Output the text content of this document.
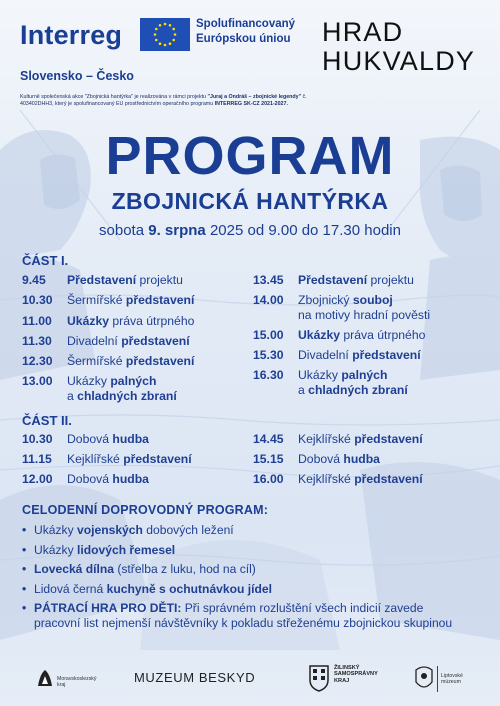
Interreg	Spolufinancovaný
Európskou úniou HRAD
HUKVALDY
Slovensko – Česko
Kulturně společenská akce "Zbojnická hantýrka" je realizována v rámci projektu "Juraj a Ondráš – zbojnické legendy" č. 403402DHH3, který je spolufinancovaný EU prostřednictvím operačního programu INTERREG SK-CZ 2021-2027.
PROGRAM
ZBOJNICKÁ HANTÝRKA
sobota 9. srpna 2025 od 9.00 do 17.30 hodin
ČÁST I.
9.45	Představení projektu
10.30	Šermířské představení
11.00	Ukázky práva útrpného
11.30	Divadelní představení
12.30	Šermířské představení
13.00	Ukázky palných
a chladných zbraní
13.45	Představení projektu
14.00	Zbojnický souboj
na motivy hradní pověsti
15.00	Ukázky práva útrpného
15.30	Divadelní představení
16.30	Ukázky palných
a chladných zbraní
ČÁST II.
10.30	Dobová hudba
11.15	Kejklířské představení
12.00	Dobová hudba
14.45	Kejklířské představení
15.15	Dobová hudba
16.00	Kejklířské představení
CELODENNÍ DOPROVODNÝ PROGRAM:
• Ukázky vojenských dobových ležení
• Ukázky lidových řemesel
• Lovecká dílna (střelba z luku, hod na cíl)
• Lidová černá kuchyně s ochutnávkou jídel
• PÁTRACÍ HRA PRO DĚTI: Při správném rozluštění všech indicií zavede pracovní list nejmenší návštěvníky k pokladu střeženému zbojnickou skupinou
Moravskoslezský
kraj	MUZEUM BESKYD
ŽILINSKÝ
SAMOSPRÁVNY
KRAJ
Liptovské
múzeum
